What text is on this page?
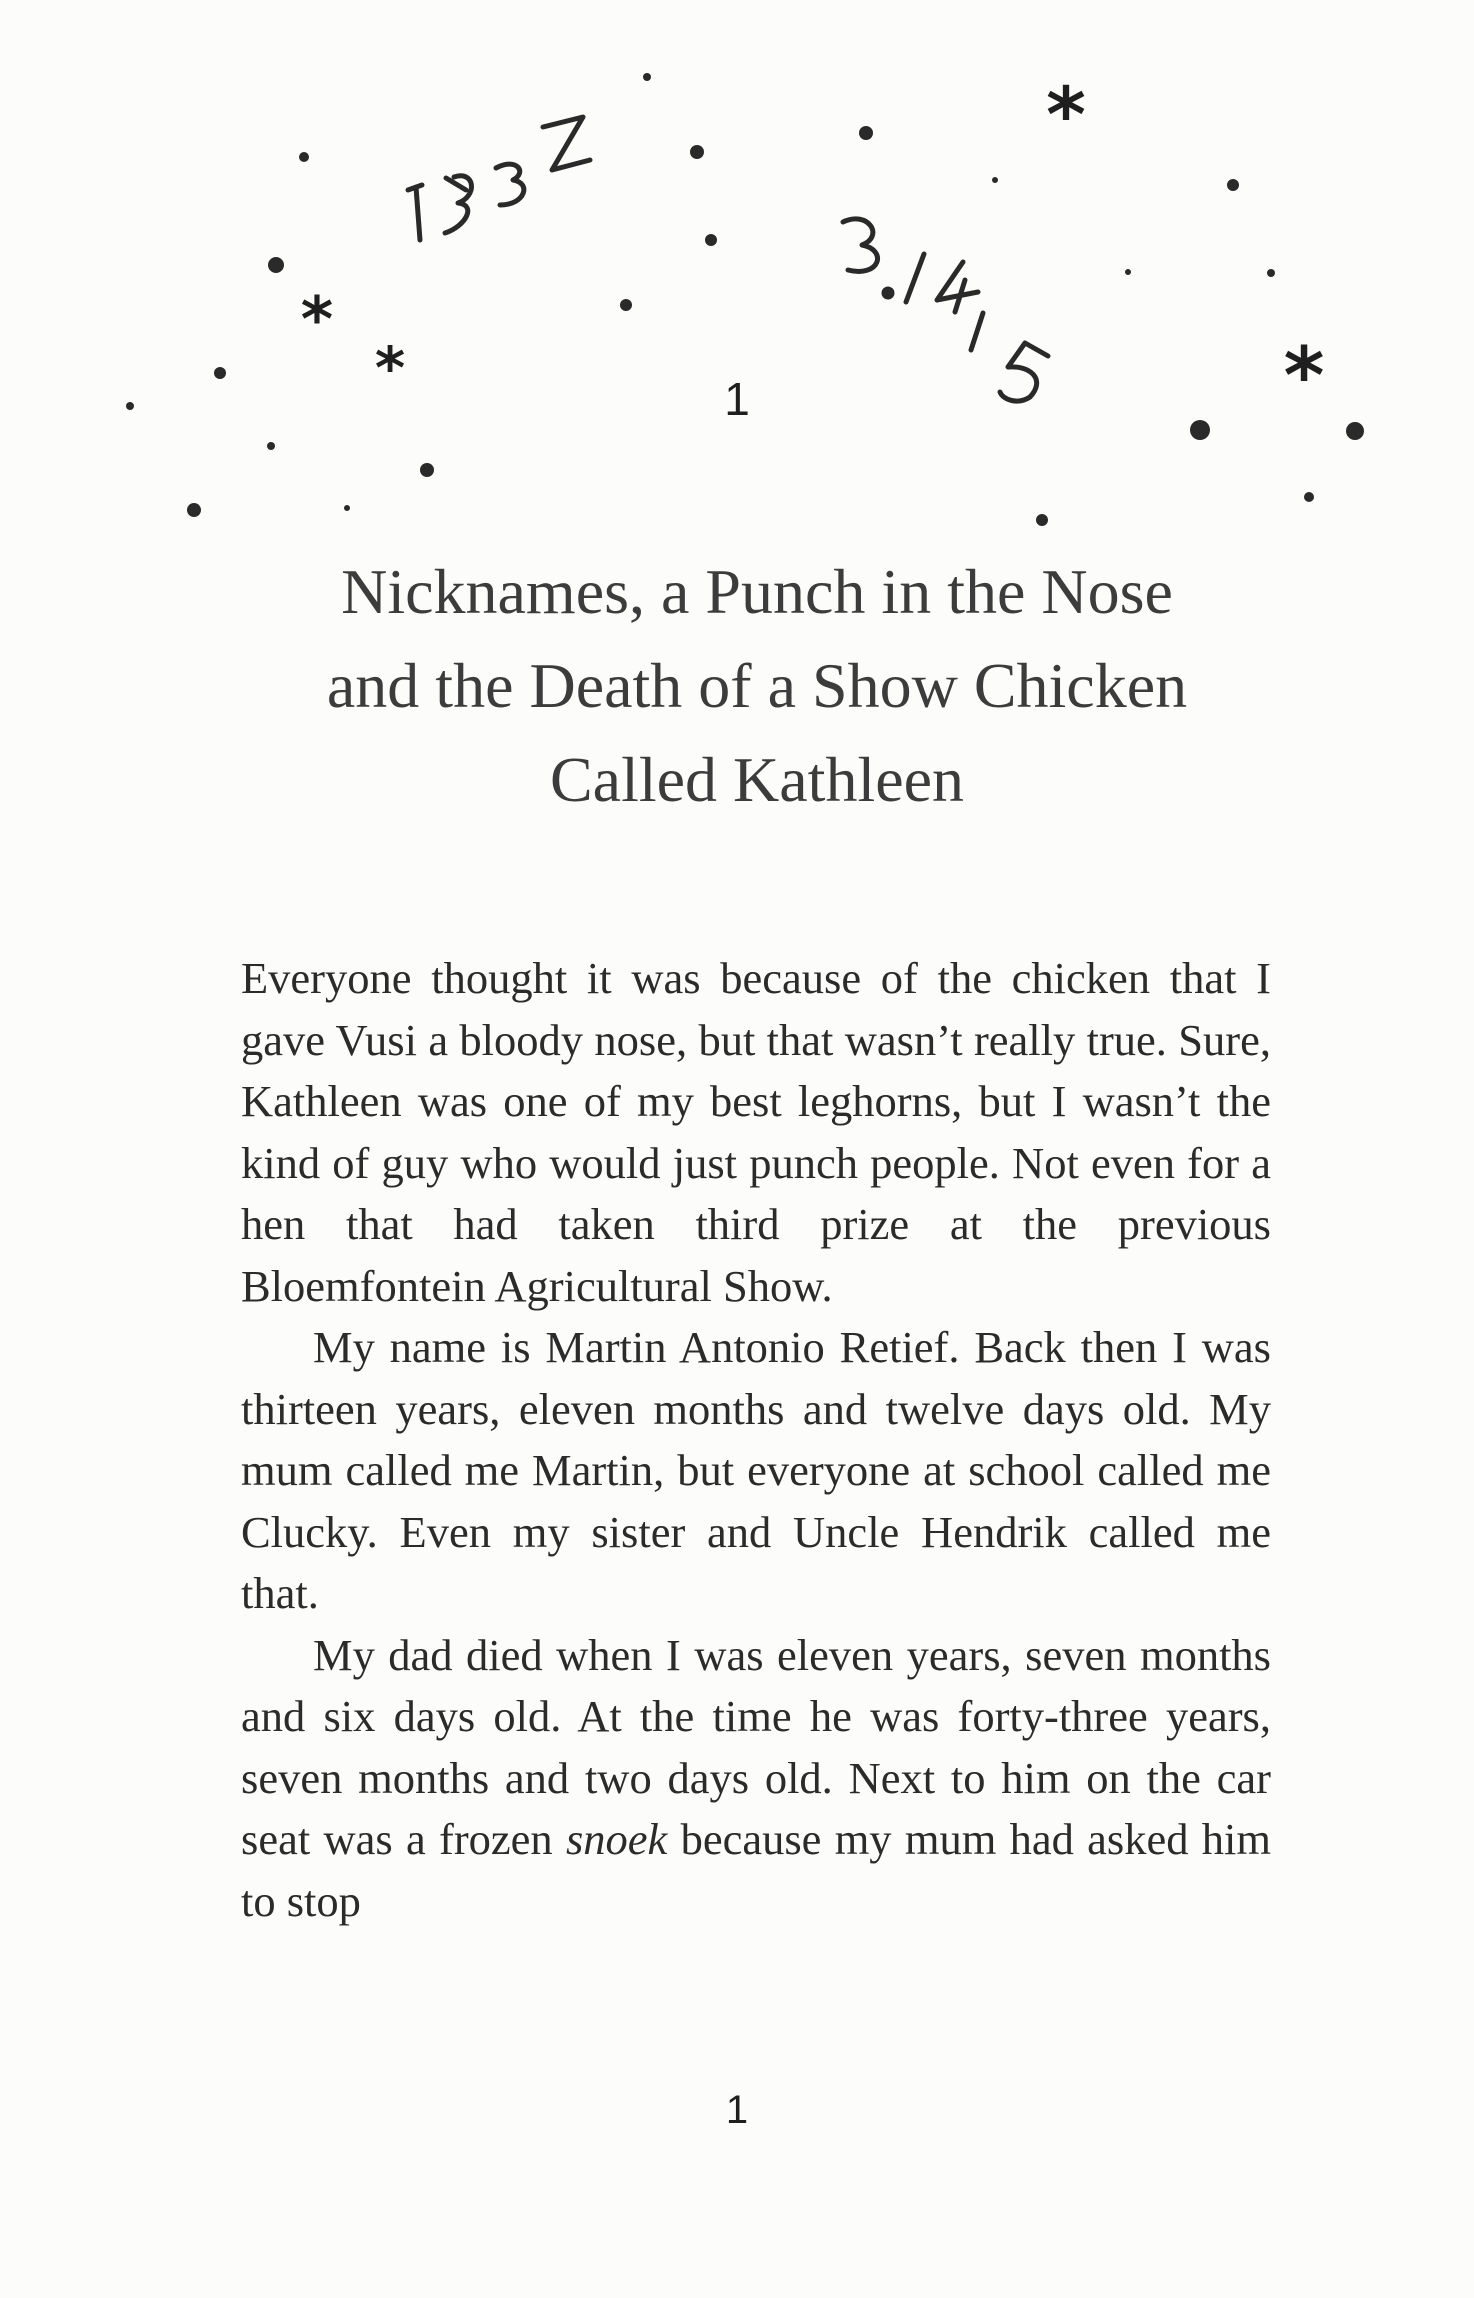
*
*
*	*
1
Nicknames, a Punch in the Nose
and the Death of a Show Chicken
Called Kathleen

Everyone thought it was because of the chicken that I gave Vusi a bloody nose, but that wasn’t really true. Sure, Kathleen was one of my best leghorns, but I wasn’t the kind of guy who would just punch people. Not even for a hen that had taken third prize at the previous Bloemfontein Agricultural Show.

My name is Martin Antonio Retief. Back then I was thirteen years, eleven months and twelve days old. My mum called me Martin, but everyone at school called me Clucky. Even my sister and Uncle Hendrik called me that.

My dad died when I was eleven years, seven months and six days old. At the time he was forty-three years, seven months and two days old. Next to him on the car seat was a frozen snoek because my mum had asked him to stop

1
